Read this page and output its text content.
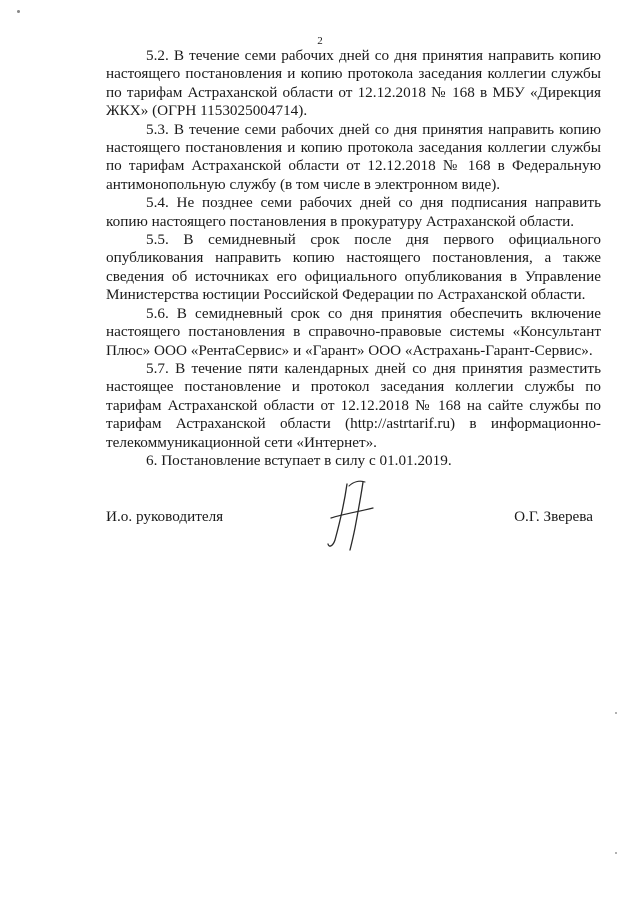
2

5.2. В течение семи рабочих дней со дня принятия направить копию настоящего постановления и копию протокола заседания коллегии службы по тарифам Астраханской области от 12.12.2018 № 168 в МБУ «Дирекция ЖКХ» (ОГРН 1153025004714).

5.3. В течение семи рабочих дней со дня принятия направить копию настоящего постановления и копию протокола заседания коллегии службы по тарифам Астраханской области от 12.12.2018 № 168 в Федеральную антимонопольную службу (в том числе в электронном виде).

5.4. Не позднее семи рабочих дней со дня подписания направить копию настоящего постановления в прокуратуру Астраханской области.

5.5. В семидневный срок после дня первого официального опубликования направить копию настоящего постановления, а также сведения об источниках его официального опубликования в Управление Министерства юстиции Российской Федерации по Астраханской области.

5.6. В семидневный срок со дня принятия обеспечить включение настоящего постановления в справочно-правовые системы «Консультант Плюс» ООО «РентаСервис» и «Гарант» ООО «Астрахань-Гарант-Сервис».

5.7. В течение пяти календарных дней со дня принятия разместить настоящее постановление и протокол заседания коллегии службы по тарифам Астраханской области от 12.12.2018 № 168 на сайте службы по тарифам Астраханской области (http://astrtarif.ru) в информационно-телекоммуникационной сети «Интернет».

6. Постановление вступает в силу с 01.01.2019.

И.о. руководителя	О.Г. Зверева
